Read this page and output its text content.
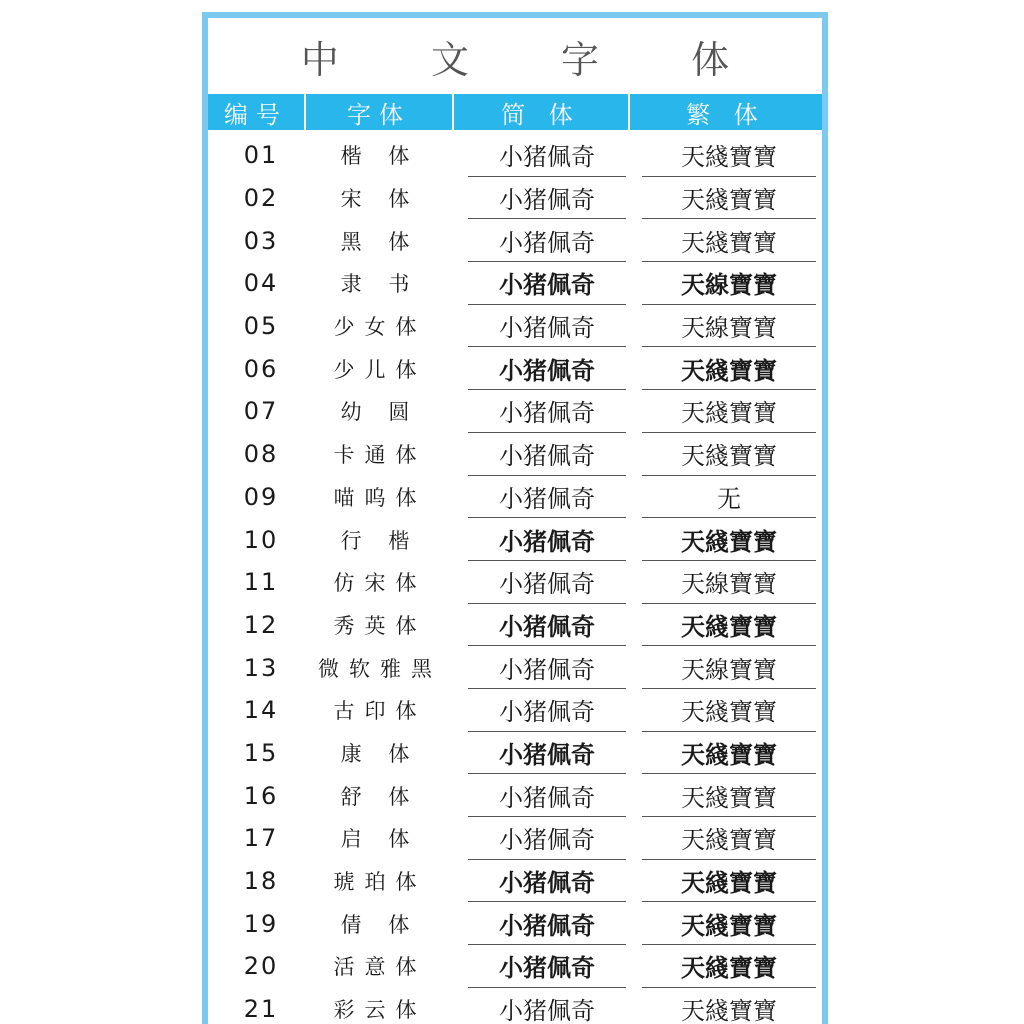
中 文 字 体
编号	字体	简 体	繁 体
01	楷 体	小猪佩奇	天綫寶寶
02	宋 体	小猪佩奇	天綫寶寶
03	黑 体	小猪佩奇	天綫寶寶
04	隶 书	小猪佩奇	天線寶寶
05	少女体	小猪佩奇	天線寶寶
06	少儿体	小猪佩奇	天綫寶寶
07	幼 圆	小猪佩奇	天綫寶寶
08	卡通体	小猪佩奇	天綫寶寶
09	喵呜体	小猪佩奇	无
10	行 楷	小猪佩奇	天綫寶寶
11	仿宋体	小猪佩奇	天線寶寶
12	秀英体	小猪佩奇	天綫寶寶
13	微软雅黑	小猪佩奇	天線寶寶
14	古印体	小猪佩奇	天綫寶寶
15	康 体	小猪佩奇	天綫寶寶
16	舒 体	小猪佩奇	天綫寶寶
17	启 体	小猪佩奇	天綫寶寶
18	琥珀体	小猪佩奇	天綫寶寶
19	倩 体	小猪佩奇	天綫寶寶
20	活意体	小猪佩奇	天綫寶寶
21	彩云体	小猪佩奇	天綫寶寶
